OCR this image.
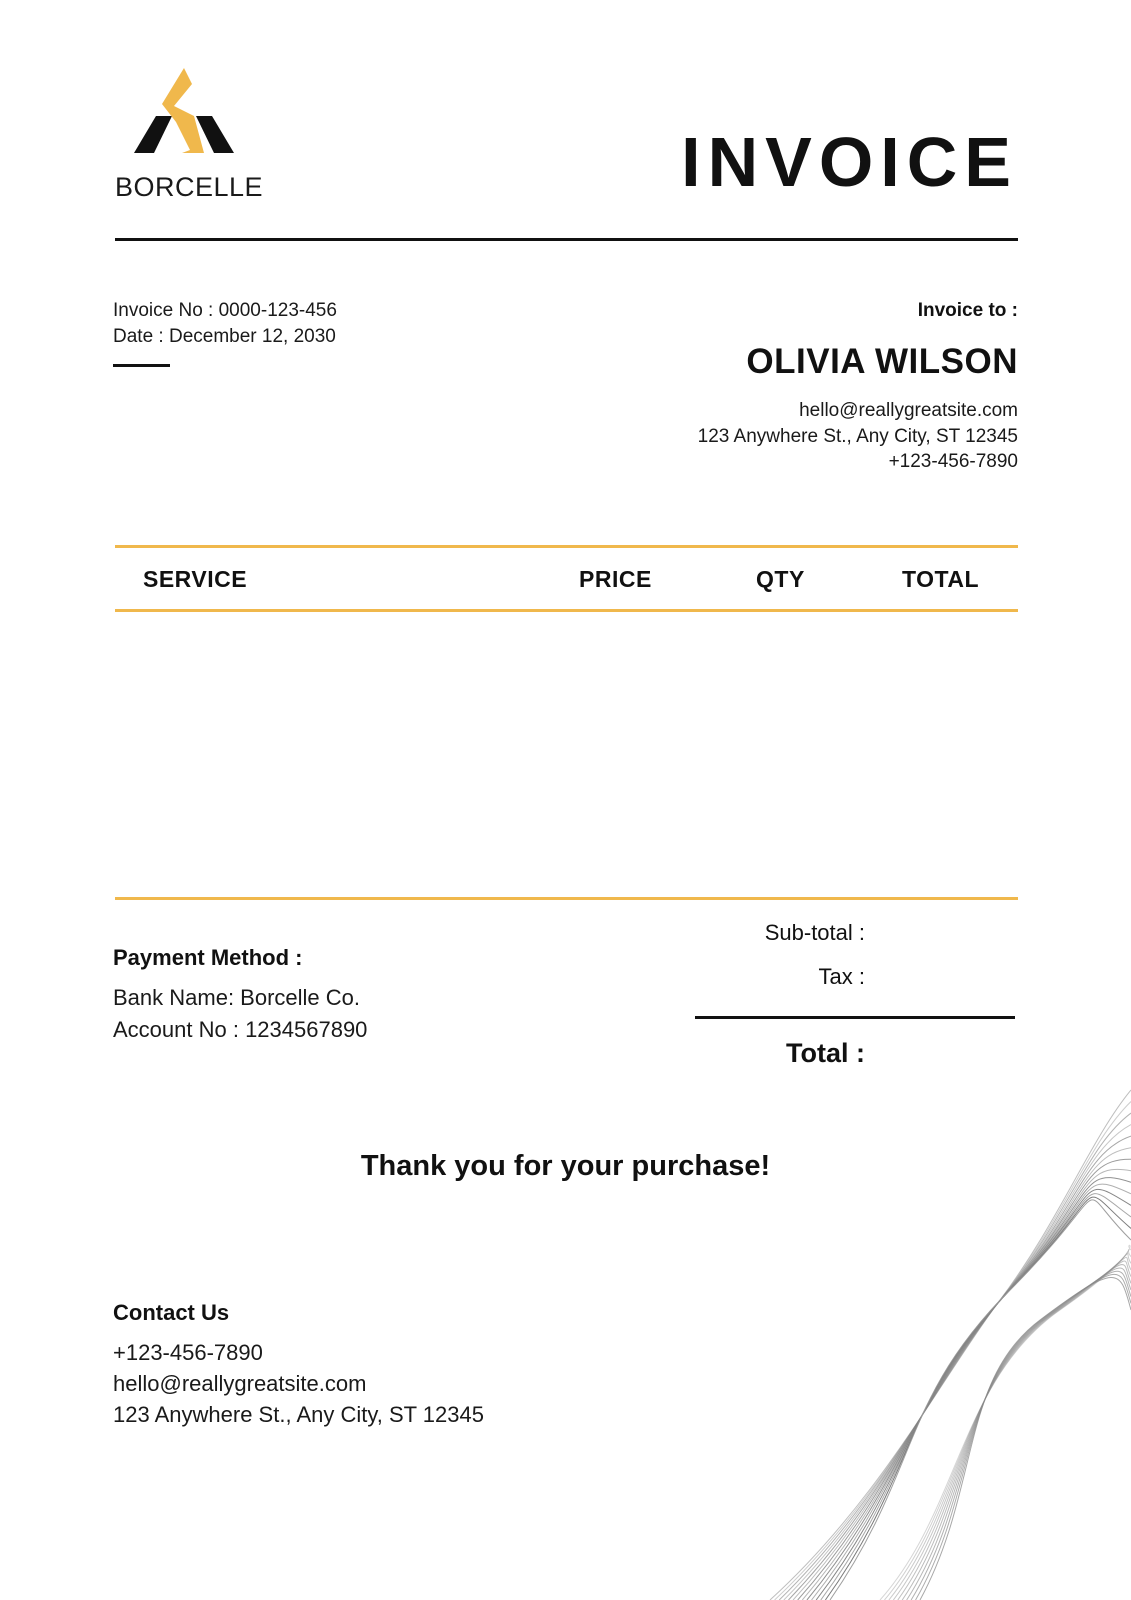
BORCELLE	INVOICE
Invoice No : 0000-123-456
Date : December 12, 2030
Invoice to :
OLIVIA WILSON
hello@reallygreatsite.com
123 Anywhere St., Any City, ST 12345
+123-456-7890
SERVICE	PRICE	QTY	TOTAL
Payment Method :
Bank Name: Borcelle Co.
Account No : 1234567890
Sub-total :
Tax :
Total :
Thank you for your purchase!
Contact Us
+123-456-7890
hello@reallygreatsite.com
123 Anywhere St., Any City, ST 12345
